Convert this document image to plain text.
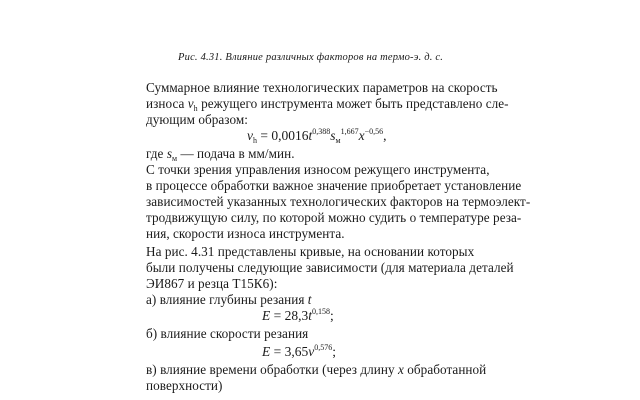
Рис. 4.31. Влияние различных факторов на термо-э. д. с.
Суммарное влияние технологических параметров на скорость
износа $v_h$ режущего инструмента может быть представлено сле-
дующим образом:
$v_h = 0,0016t^{0,388}s_м^{1,667}x^{-0,56}$,
где $s_м$ — подача в мм/мин.
С точки зрения управления износом режущего инструмента,
в процессе обработки важное значение приобретает установление
зависимостей указанных технологических факторов на термоэлект-
тродвижущую силу, по которой можно судить о температуре реза-
ния, скорости износа инструмента.
На рис. 4.31 представлены кривые, на основании которых
были получены следующие зависимости (для материала деталей
ЭИ867 и резца Т15К6):
а) влияние глубины резания t
$E = 28,3t^{0,158}$;
б) влияние скорости резания
$E = 3,65v^{0,576}$;
в) влияние времени обработки (через длину x обработанной
поверхности)
